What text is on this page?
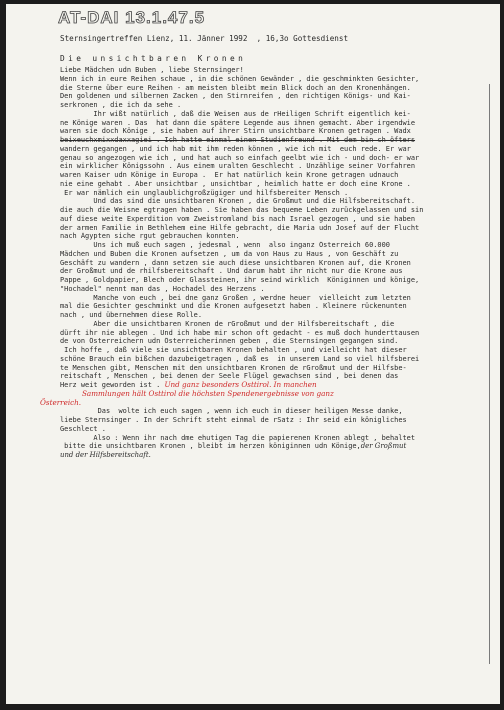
AT-DAI 13.1.47.5
Sternsingertreffen Lienz, 11. Jänner 1992  , 16,3o Gottesdienst
Die unsichtbaren Kronen
Liebe Mädchen udn Buben , liebe Sternsinger!
Wenn ich in eure Reihen schaue , in die schönen Gewänder , die geschminkten Gesichter,
die Sterne über eure Reihen - am meisten bleibt mein Blick doch an den Kronenhängen.
Den goldenen und silbernen Zacken , den Stirnreifen , den richtigen Königs- und Kai-
serkronen , die ich da sehe .
Ihr wißt natürlich , daß die Weisen aus de rHeiligen Schrift eigentlich kei-
ne Könige waren . Das  hat dann die spätere Legende aus ihnen gemacht. Aber irgendwie
waren sie doch Könige , sie haben auf ihrer Stirn unsichtbare Kronen getragen . Wadx
beixeuchxmixxdaxxagiei . Ich hatte einmal einen Studienfreund . Mit dem bin ch öfters
wandern gegangen , und ich hab mit ihm reden können , wie ich mit  euch rede. Er war
genau so angezogen wie ich , und hat auch so einfach geelbt wie ich - und doch- er war
ein wirklicher Königssohn . Aus einem uralten Geschlecht . Unzählige seiner Vorfahren
waren Kaiser udn Könige in Europa .  Er hat natürlich kein Krone getragen udnauch
nie eine gehabt . Aber unsichtbar , unsichtbar , heimlich hatte er doch eine Krone .
Er war nämlich ein unglaublichgroßzügiger und hilfsbereiter Mensch .
Und das sind die unsichtbaren Kronen , die Großmut und die Hilfsbereitschaft.
die auch die Weisne egtragen haben . Sie haben das bequeme Leben zurückgelassen und sin
auf diese weite Experdition vom Zweistromland bis nach Israel gezogen , und sie haben
der armen Familie in Bethlehem eine Hilfe gebracht, die Maria udn Josef auf der Flucht
nach Ägypten siche rgut gebrauchen konnten.
Uns ich muß euch sagen , jedesmal , wenn  also inganz Österreich 60.000
Mädchen und Buben die Kronen aufsetzen , um da von Haus zu Haus , von Geschäft zu
Geschäft zu wandern , dann setzen sie auch diese unsichtbaren Kronen auf, die Kronen
der Großmut und de rhilfsbereitschaft . Und darum habt ihr nicht nur die Krone aus
Pappe , Goldpapier, Blech oder Glassteinen, ihr seind wirklich  Königinnen und könige,
"Hochadel" nennt man das , Hochadel des Herzens .
Manche von euch , bei dne ganz Großen , werdne heuer  vielleicht zum letzten
mal die Gesichter geschminkt und die Kronen aufgesetzt haben . Kleinere rückenunten
nach , und übernehmen diese Rolle.
Aber die unsichtbaren Kronen de rGroßmut und der Hilfsbereitschaft , die
dürft ihr nie ablegen . Und ich habe mir schon oft gedacht - es muß doch hunderttausen
de von Österreichern udn Österreicherinnen geben , die Sternsingen gegangen sind.
Ich hoffe , daß viele sie unsichtbaren Kronen behalten , und vielleicht hat dieser
schöne Brauch ein bißchen dazubeigetragen , daß es  in unserem Land so viel hilfsberei
te Menschen gibt, Menschen mit den unsichtbaren Kronen de rGroßmut und der Hilfsbe-
reitschaft , Menschen , bei denen der Seele Flügel gewachsen sind , bei denen das
Herz weit geworden ist . Und ganz besonders Osttirol. In manchen
Sammlungen hält Osttirol die höchsten Spendenergebnisse von ganz
Österreich.
Das  wolte ich euch sagen , wenn ich euch in dieser heiligen Messe danke,
liebe Sternsinger . In der Schrift steht einmal de rSatz : Ihr seid ein königliches
Geschlect .
Also : Wenn ihr nach dme ehutigen Tag die papierenen Kronen ablegt , behaltet
bitte die unsichtbaren Kronen , bleibt im herzen königinnen udn Könige,der Großmut
und der Hilfsbereitschaft.
